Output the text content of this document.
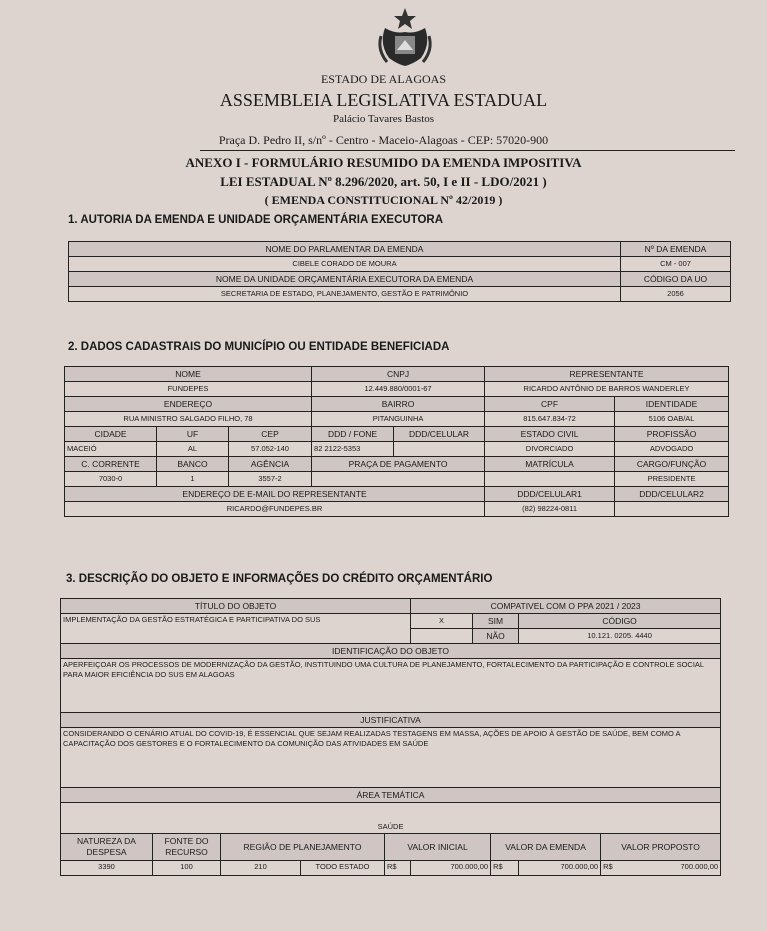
ESTADO DE ALAGOAS
ASSEMBLEIA LEGISLATIVA ESTADUAL
Palácio Tavares Bastos
Praça D. Pedro II, s/nº - Centro - Maceio-Alagoas - CEP: 57020-900
ANEXO I - FORMULÁRIO RESUMIDO DA EMENDA IMPOSITIVA
LEI ESTADUAL Nº 8.296/2020, art. 50, I e II - LDO/2021 )
( EMENDA CONSTITUCIONAL Nº 42/2019 )
1. AUTORIA DA EMENDA E UNIDADE ORÇAMENTÁRIA EXECUTORA
NOME DO PARLAMENTAR DA EMENDA	Nº DA EMENDA
CIBELE CORADO DE MOURA	CM - 007
NOME DA UNIDADE ORÇAMENTÁRIA EXECUTORA DA EMENDA	CÓDIGO DA UO
SECRETARIA DE ESTADO, PLANEJAMENTO, GESTÃO E PATRIMÔNIO	2056
2. DADOS CADASTRAIS DO MUNICÍPIO OU ENTIDADE BENEFICIADA
NOME			CNPJ		REPRESENTANTE	
FUNDEPES			12.449.880/0001-67		RICARDO ANTÔNIO DE BARROS WANDERLEY	
ENDEREÇO			BAIRRO		CPF	IDENTIDADE
RUA MINISTRO SALGADO FILHO, 78			PITANGUINHA		815.647.834-72	5106 OAB/AL
CIDADE	UF	CEP	DDD / FONE	DDD/CELULAR	ESTADO CIVIL	PROFISSÃO
MACEIÓ	AL	57.052-140	82 2122-5353		DIVORCIADO	ADVOGADO
C. CORRENTE	BANCO	AGÊNCIA	PRAÇA DE PAGAMENTO		MATRÍCULA	CARGO/FUNÇÃO
7030-0	1	3557-2				PRESIDENTE
ENDEREÇO DE E-MAIL DO REPRESENTANTE					DDD/CELULAR1	DDD/CELULAR2
RICARDO@FUNDEPES.BR					(82) 98224-0811	
3. DESCRIÇÃO DO OBJETO E INFORMAÇÕES DO CRÉDITO ORÇAMENTÁRIO
TÍTULO DO OBJETO					COMPATIVEL COM O PPA 2021 / 2023				
IMPLEMENTAÇÃO DA GESTÃO ESTRATÉGICA E PARTICIPATIVA DO SUS					X	SIM		CÓDIGO	
						NÃO		10.121. 0205. 4440	
IDENTIFICAÇÃO DO OBJETO									
APERFEIÇOAR OS PROCESSOS DE MODERNIZAÇÃO DA GESTÃO, INSTITUINDO UMA CULTURA DE PLANEJAMENTO, FORTALECIMENTO DA PARTICIPAÇÃO E CONTROLE SOCIAL PARA MAIOR EFICIÊNCIA DO SUS EM ALAGOAS									
JUSTIFICATIVA									
CONSIDERANDO O CENÁRIO ATUAL DO COVID-19, É ESSENCIAL QUE SEJAM REALIZADAS TESTAGENS EM MASSA, AÇÕES DE APOIO À GESTÃO DE SAÚDE, BEM COMO A CAPACITAÇÃO DOS GESTORES E O FORTALECIMENTO DA COMUNIÇÃO DAS ATIVIDADES EM SAÚDE									
ÁREA TEMÁTICA									
SAÚDE									
NATUREZA DA DESPESA	FONTE DO RECURSO	REGIÃO DE PLANEJAMENTO		VALOR INICIAL			VALOR DA EMENDA		VALOR PROPOSTO
3390	100	210	TODO ESTADO	R$	700.000,00		R$	700.000,00	R$ 700.000,00
